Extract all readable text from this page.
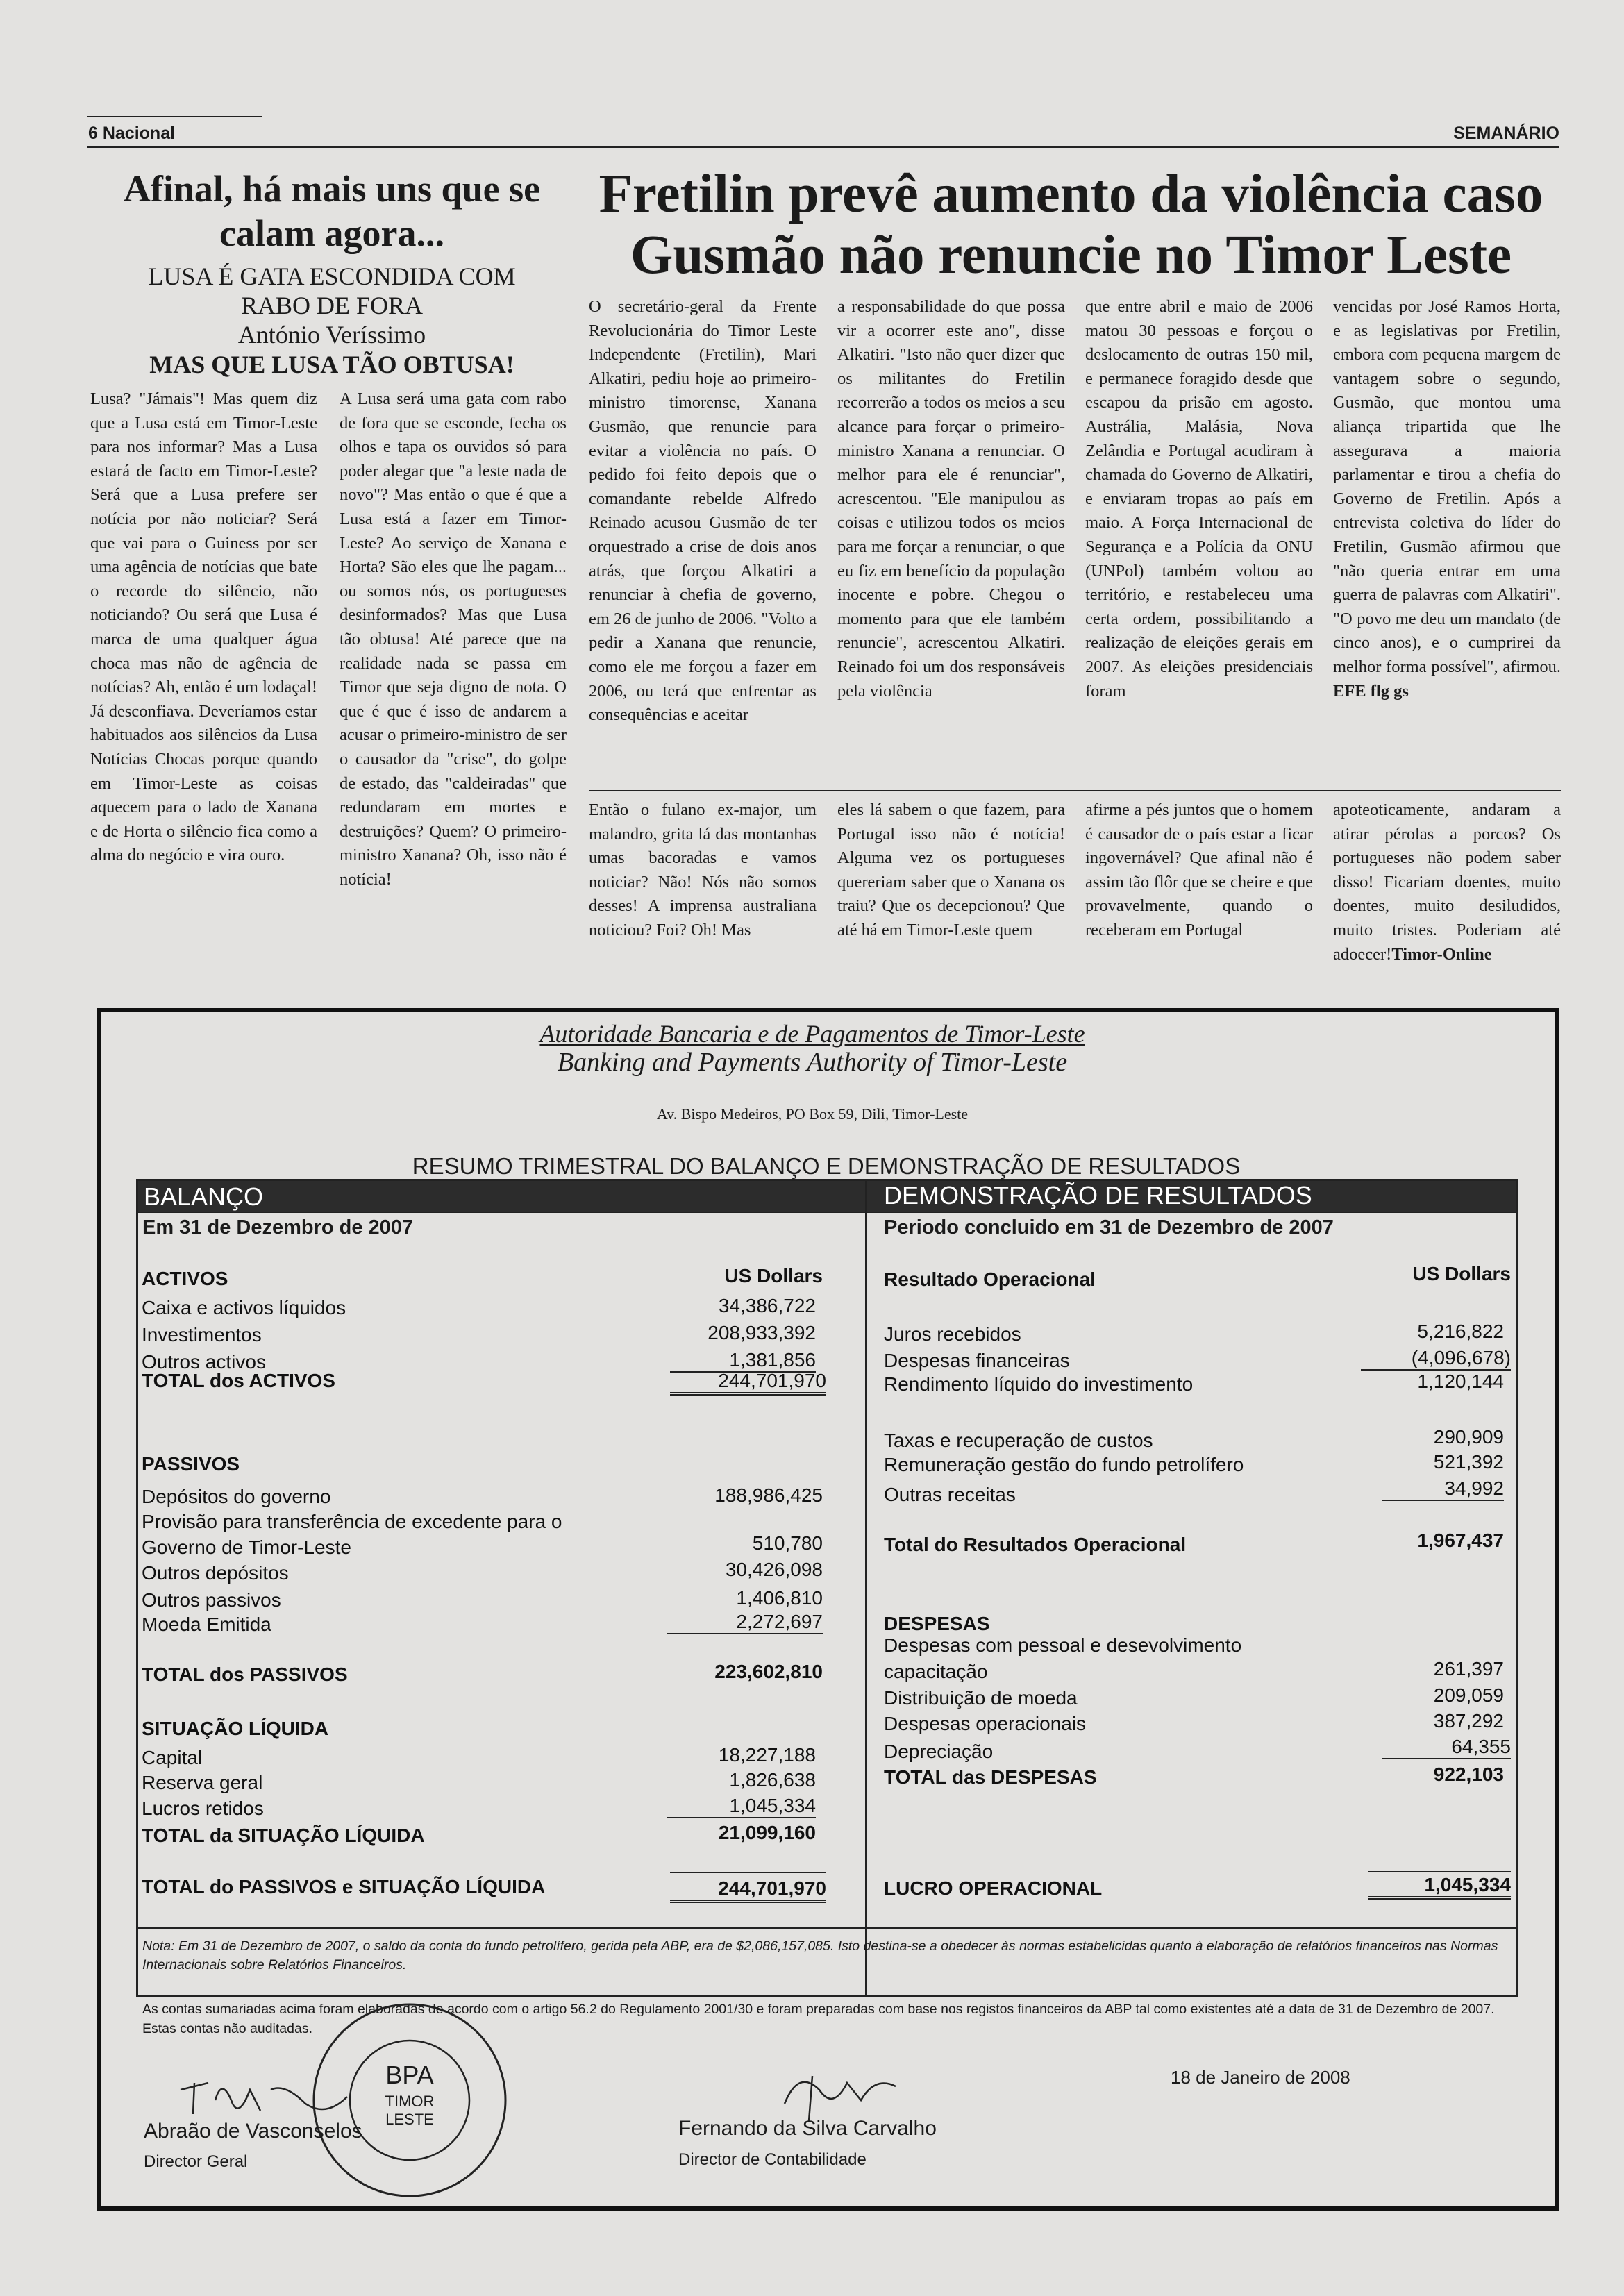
6 Nacional	SEMANÁRIO
Afinal, há mais uns que se calam agora...
LUSA É GATA ESCONDIDA COM
RABO DE FORA
António Veríssimo
MAS QUE LUSA TÃO OBTUSA!
Lusa? "Jámais"! Mas quem diz que a Lusa está em Timor-Leste para nos informar? Mas a Lusa estará de facto em Timor-Leste? Será que a Lusa prefere ser notícia por não noticiar? Será que vai para o Guiness por ser uma agência de notícias que bate o recorde do silêncio, não noticiando? Ou será que Lusa é marca de uma qualquer água choca mas não de agência de notícias? Ah, então é um lodaçal! Já desconfiava. Deveríamos estar habituados aos silêncios da Lusa Notícias Chocas porque quando em Timor-Leste as coisas aquecem para o lado de Xanana e de Horta o silêncio fica como a alma do negócio e vira ouro.
A Lusa será uma gata com rabo de fora que se esconde, fecha os olhos e tapa os ouvidos só para poder alegar que "a leste nada de novo"? Mas então o que é que a Lusa está a fazer em Timor-Leste? Ao serviço de Xanana e Horta? São eles que lhe pagam... ou somos nós, os portugueses desinformados? Mas que Lusa tão obtusa! Até parece que na realidade nada se passa em Timor que seja digno de nota. O que é que é isso de andarem a acusar o primeiro-ministro de ser o causador da "crise", do golpe de estado, das "caldeiradas" que redundaram em mortes e destruições? Quem? O primeiro-ministro Xanana? Oh, isso não é notícia!
Fretilin prevê aumento da violência caso Gusmão não renuncie no Timor Leste
O secretário-geral da Frente Revolucionária do Timor Leste Independente (Fretilin), Mari Alkatiri, pediu hoje ao primeiro-ministro timorense, Xanana Gusmão, que renuncie para evitar a violência no país. O pedido foi feito depois que o comandante rebelde Alfredo Reinado acusou Gusmão de ter orquestrado a crise de dois anos atrás, que forçou Alkatiri a renunciar à chefia de governo, em 26 de junho de 2006. "Volto a pedir a Xanana que renuncie, como ele me forçou a fazer em 2006, ou terá que enfrentar as consequências e aceitar
a responsabilidade do que possa vir a ocorrer este ano", disse Alkatiri. "Isto não quer dizer que os militantes do Fretilin recorrerão a todos os meios a seu alcance para forçar o primeiro-ministro Xanana a renunciar. O melhor para ele é renunciar", acrescentou. "Ele manipulou as coisas e utilizou todos os meios para me forçar a renunciar, o que eu fiz em benefício da população inocente e pobre. Chegou o momento para que ele também renuncie", acrescentou Alkatiri. Reinado foi um dos responsáveis pela violência
que entre abril e maio de 2006 matou 30 pessoas e forçou o deslocamento de outras 150 mil, e permanece foragido desde que escapou da prisão em agosto. Austrália, Malásia, Nova Zelândia e Portugal acudiram à chamada do Governo de Alkatiri, e enviaram tropas ao país em maio. A Força Internacional de Segurança e a Polícia da ONU (UNPol) também voltou ao território, e restabeleceu uma certa ordem, possibilitando a realização de eleições gerais em 2007. As eleições presidenciais foram
vencidas por José Ramos Horta, e as legislativas por Fretilin, embora com pequena margem de vantagem sobre o segundo, Gusmão, que montou uma aliança tripartida que lhe assegurava a maioria parlamentar e tirou a chefia do Governo de Fretilin. Após a entrevista coletiva do líder do Fretilin, Gusmão afirmou que "não queria entrar em uma guerra de palavras com Alkatiri". "O povo me deu um mandato (de cinco anos), e o cumprirei da melhor forma possível", afirmou. EFE flg gs
Então o fulano ex-major, um malandro, grita lá das montanhas umas bacoradas e vamos noticiar? Não! Nós não somos desses! A imprensa australiana noticiou? Foi? Oh! Mas
eles lá sabem o que fazem, para Portugal isso não é notícia! Alguma vez os portugueses quereriam saber que o Xanana os traiu? Que os decepcionou? Que até há em Timor-Leste quem
afirme a pés juntos que o homem é causador de o país estar a ficar ingovernável? Que afinal não é assim tão flôr que se cheire e que provavelmente, quando o receberam em Portugal
apoteoticamente, andaram a atirar pérolas a porcos? Os portugueses não podem saber disso! Ficariam doentes, muito doentes, muito desiludidos, muito tristes. Poderiam até adoecer!Timor-Online
Autoridade Bancaria e de Pagamentos de Timor-Leste
Banking and Payments Authority of Timor-Leste
Av. Bispo Medeiros, PO Box 59, Dili, Timor-Leste
RESUMO TRIMESTRAL DO BALANÇO E DEMONSTRAÇÃO DE RESULTADOS
BALANÇO	DEMONSTRAÇÃO DE RESULTADOS
Em 31 de Dezembro de 2007	Periodo concluido em 31 de Dezembro de 2007
ACTIVOS	US Dollars
Caixa e activos líquidos	34,386,722
Investimentos	208,933,392
Outros activos	1,381,856
TOTAL dos ACTIVOS	244,701,970
PASSIVOS
Depósitos do governo	188,986,425
Provisão para transferência de excedente para o
Governo de Timor-Leste	510,780
Outros depósitos	30,426,098
Outros passivos	1,406,810
Moeda Emitida	2,272,697
TOTAL dos PASSIVOS	223,602,810
SITUAÇÃO LÍQUIDA
Capital	18,227,188
Reserva geral	1,826,638
Lucros retidos	1,045,334
TOTAL da SITUAÇÃO LÍQUIDA	21,099,160
TOTAL do PASSIVOS e SITUAÇÃO LÍQUIDA	244,701,970
Resultado Operacional	US Dollars
Juros recebidos	5,216,822
Despesas financeiras	(4,096,678)
Rendimento líquido do investimento	1,120,144
Taxas e recuperação de custos	290,909
Remuneração gestão do fundo petrolífero	521,392
Outras receitas	34,992
Total do Resultados Operacional	1,967,437
DESPESAS
Despesas com pessoal e desevolvimento
capacitação	261,397
Distribuição de moeda	209,059
Despesas operacionais	387,292
Depreciação	64,355
TOTAL das DESPESAS	922,103
LUCRO OPERACIONAL	1,045,334
Nota: Em 31 de Dezembro de 2007, o saldo da conta do fundo petrolífero, gerida pela ABP, era de $2,086,157,085. Isto destina-se a obedecer às normas estabelicidas quanto à elaboração de relatórios financeiros nas Normas Internacionais sobre Relatórios Financeiros.
As contas sumariadas acima foram elaboradas de acordo com o artigo 56.2 do Regulamento 2001/30 e foram preparadas com base nos registos financeiros da ABP tal como existentes até a data de 31 de Dezembro de 2007. Estas contas não auditadas.
18 de Janeiro de 2008
BPA
TIMOR
LESTE
Abraão de Vasconselos
Director Geral
Fernando da Silva Carvalho
Director de Contabilidade
